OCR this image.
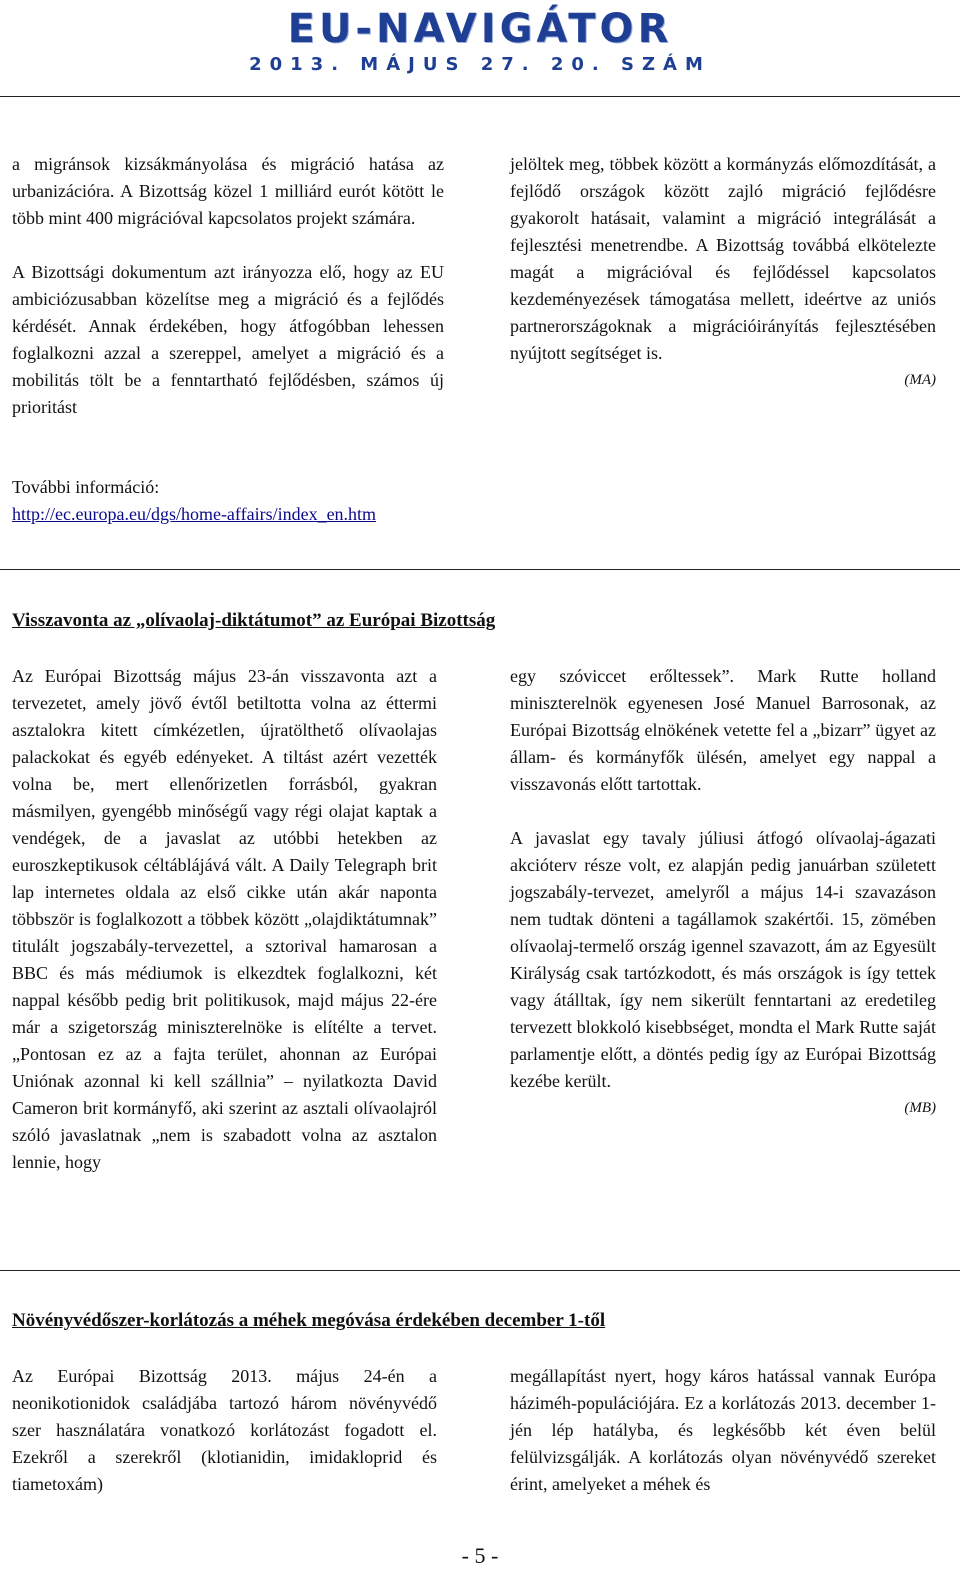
EU-NAVIGÁTOR
2013. MÁJUS 27. 20. SZÁM

a migránsok kizsákmányolása és migráció hatása az urbanizációra. A Bizottság közel 1 milliárd eurót kötött le több mint 400 migrációval kapcsolatos projekt számára.

A Bizottsági dokumentum azt irányozza elő, hogy az EU ambiciózusabban közelítse meg a migráció és a fejlődés kérdését. Annak érdekében, hogy átfogóbban lehessen foglalkozni azzal a szereppel, amelyet a migráció és a mobilitás tölt be a fenntartható fejlődésben, számos új prioritást

jelöltek meg, többek között a kormányzás előmozdítását, a fejlődő országok között zajló migráció fejlődésre gyakorolt hatásait, valamint a migráció integrálását a fejlesztési menetrendbe. A Bizottság továbbá elkötelezte magát a migrációval és fejlődéssel kapcsolatos kezdeményezések támogatása mellett, ideértve az uniós partnerországoknak a migrációirányítás fejlesztésében nyújtott segítséget is.

(MA)
További információ:
http://ec.europa.eu/dgs/home-affairs/index_en.htm
Visszavonta az „olívaolaj-diktátumot” az Európai Bizottság

Az Európai Bizottság május 23-án visszavonta azt a tervezetet, amely jövő évtől betiltotta volna az éttermi asztalokra kitett címkézetlen, újratölthető olívaolajas palackokat és egyéb edényeket. A tiltást azért vezették volna be, mert ellenőrizetlen forrásból, gyakran másmilyen, gyengébb minőségű vagy régi olajat kaptak a vendégek, de a javaslat az utóbbi hetekben az euroszkeptikusok céltáblájává vált. A Daily Telegraph brit lap internetes oldala az első cikke után akár naponta többször is foglalkozott a többek között „olajdiktátumnak” titulált jogszabály-tervezettel, a sztorival hamarosan a BBC és más médiumok is elkezdtek foglalkozni, két nappal később pedig brit politikusok, majd május 22-ére már a szigetország miniszterelnöke is elítélte a tervet. „Pontosan ez az a fajta terület, ahonnan az Európai Uniónak azonnal ki kell szállnia” – nyilatkozta David Cameron brit kormányfő, aki szerint az asztali olívaolajról szóló javaslatnak „nem is szabadott volna az asztalon lennie, hogy

egy szóviccet erőltessek”. Mark Rutte holland miniszterelnök egyenesen José Manuel Barrosonak, az Európai Bizottság elnökének vetette fel a „bizarr” ügyet az állam- és kormányfők ülésén, amelyet egy nappal a visszavonás előtt tartottak.

A javaslat egy tavaly júliusi átfogó olívaolaj-ágazati akcióterv része volt, ez alapján pedig januárban született jogszabály-tervezet, amelyről a május 14-i szavazáson nem tudtak dönteni a tagállamok szakértői. 15, zömében olívaolaj-termelő ország igennel szavazott, ám az Egyesült Királyság csak tartózkodott, és más országok is így tettek vagy átálltak, így nem sikerült fenntartani az eredetileg tervezett blokkoló kisebbséget, mondta el Mark Rutte saját parlamentje előtt, a döntés pedig így az Európai Bizottság kezébe került.

(MB)
Növényvédőszer-korlátozás a méhek megóvása érdekében december 1-től

Az Európai Bizottság 2013. május 24-én a neonikotionidok családjába tartozó három növényvédő szer használatára vonatkozó korlátozást fogadott el. Ezekről a szerekről (klotianidin, imidakloprid és tiametoxám)

megállapítást nyert, hogy káros hatással vannak Európa háziméh-populációjára. Ez a korlátozás 2013. december 1-jén lép hatályba, és legkésőbb két éven belül felülvizsgálják. A korlátozás olyan növényvédő szereket érint, amelyeket a méhek és

- 5 -
